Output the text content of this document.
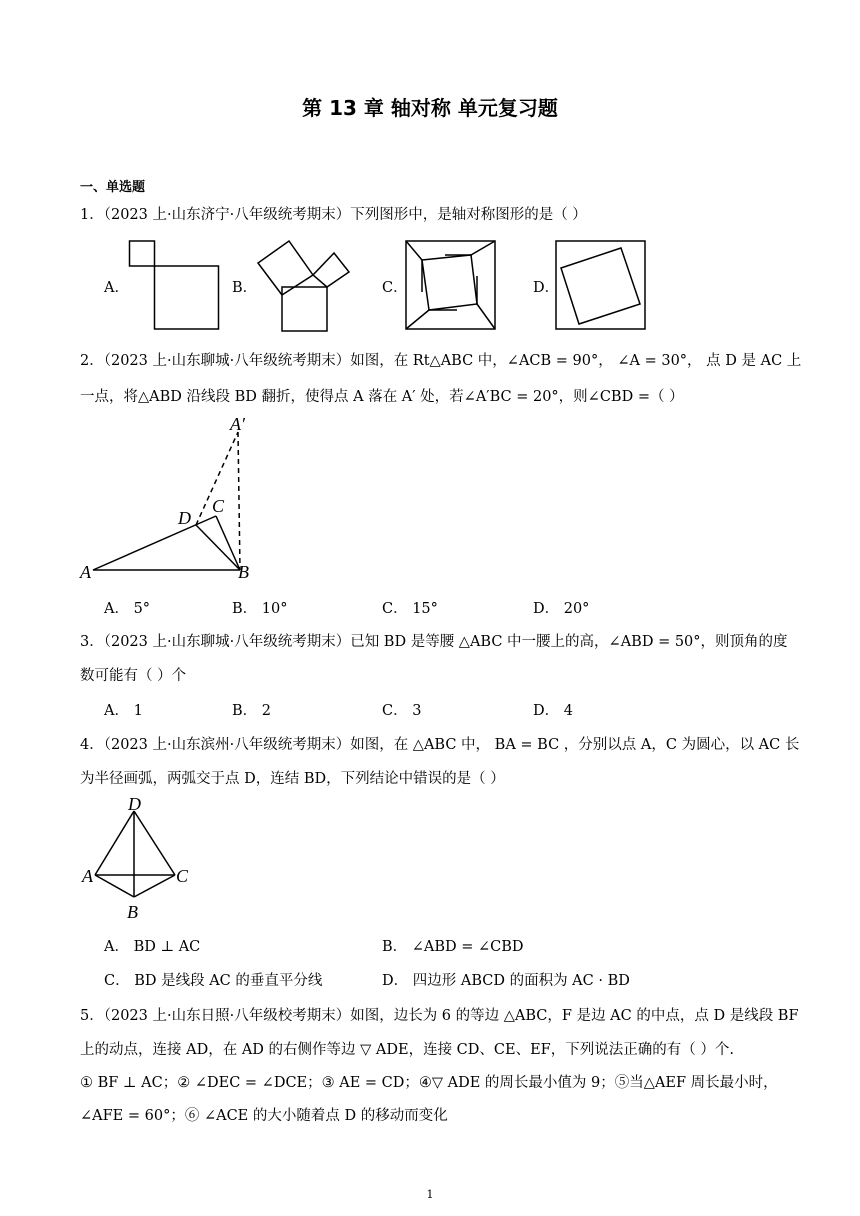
第 13 章 轴对称 单元复习题
一、单选题
1．（2023 上·山东济宁·八年级统考期末）下列图形中，是轴对称图形的是（ ）
A．	B．	C．	D．
2．（2023 上·山东聊城·八年级统考期末）如图，在 Rt△ABC 中，∠ACB = 90°， ∠A = 30°， 点 D 是 AC 上
一点，将△ABD 沿线段 BD 翻折，使得点 A 落在 A′ 处，若∠A′BC = 20°，则∠CBD =（ ）
A′
D
C
A	B
A． 5°	B． 10°	C． 15°	D． 20°
3．（2023 上·山东聊城·八年级统考期末）已知 BD 是等腰 △ABC 中一腰上的高，∠ABD = 50°，则顶角的度
数可能有（ ）个
A． 1	B． 2	C． 3	D． 4
4．（2023 上·山东滨州·八年级统考期末）如图，在 △ABC 中， BA = BC ，分别以点 A，C 为圆心，以 AC 长
为半径画弧，两弧交于点 D，连结 BD，下列结论中错误的是（ ）
D
A	C
B
A． BD ⊥ AC	B． ∠ABD = ∠CBD
C． BD 是线段 AC 的垂直平分线	D． 四边形 ABCD 的面积为 AC · BD
5．（2023 上·山东日照·八年级校考期末）如图，边长为 6 的等边 △ABC，F 是边 AC 的中点，点 D 是线段 BF
上的动点，连接 AD，在 AD 的右侧作等边 ▽ ADE，连接 CD、CE、EF，下列说法正确的有（ ）个.
① BF ⊥ AC；② ∠DEC = ∠DCE；③ AE = CD；④▽ ADE 的周长最小值为 9；⑤当△AEF 周长最小时，
∠AFE = 60°；⑥ ∠ACE 的大小随着点 D 的移动而变化
1
